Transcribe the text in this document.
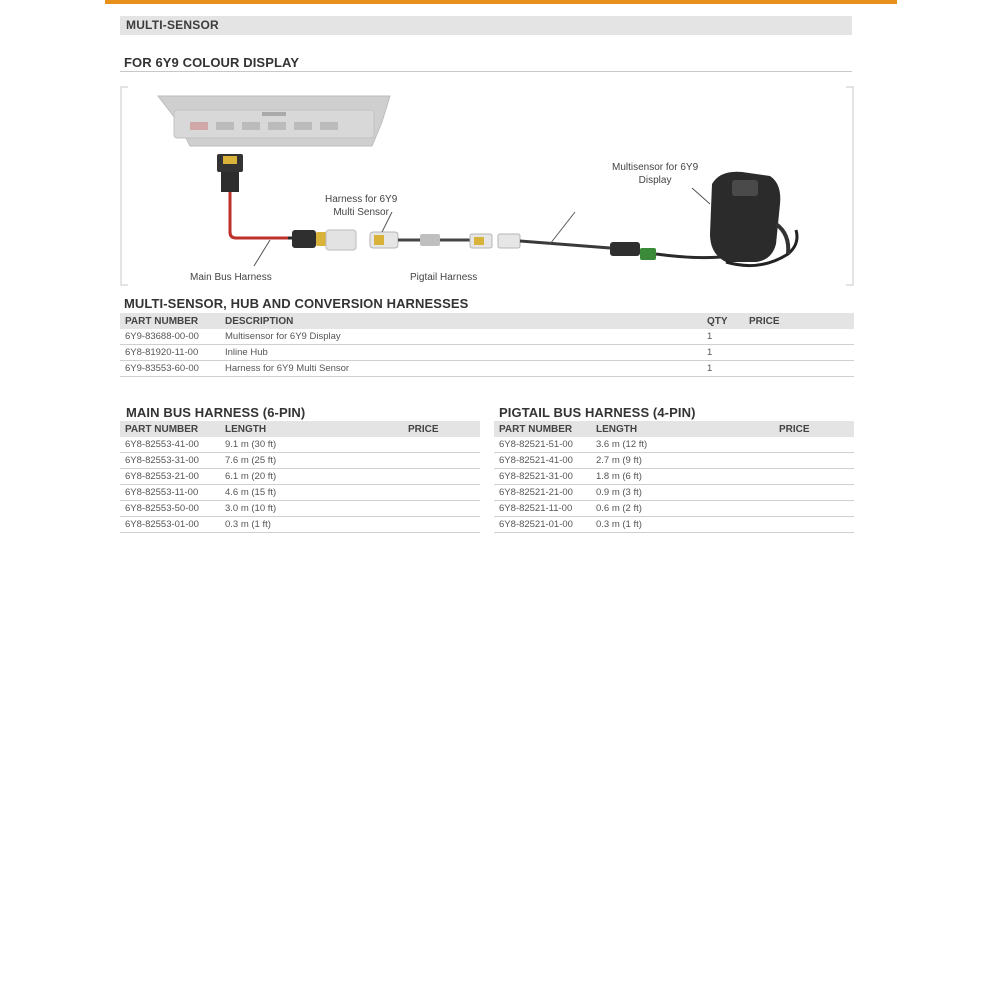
MULTI-SENSOR
FOR 6Y9 COLOUR DISPLAY
Multisensor for 6Y9
Display
Harness for 6Y9
Multi Sensor
Main Bus Harness	Pigtail Harness
MULTI-SENSOR, HUB AND CONVERSION HARNESSES
PART NUMBER	DESCRIPTION	QTY	PRICE
6Y9-83688-00-00	Multisensor for 6Y9 Display	1	
6Y8-81920-11-00	Inline Hub	1	
6Y9-83553-60-00	Harness for 6Y9 Multi Sensor	1	
MAIN BUS HARNESS (6-PIN)
PART NUMBER	LENGTH	PRICE
6Y8-82553-41-00	9.1 m (30 ft)	
6Y8-82553-31-00	7.6 m (25 ft)	
6Y8-82553-21-00	6.1 m (20 ft)	
6Y8-82553-11-00	4.6 m (15 ft)	
6Y8-82553-50-00	3.0 m (10 ft)	
6Y8-82553-01-00	0.3 m (1 ft)	
PIGTAIL BUS HARNESS (4-PIN)
PART NUMBER	LENGTH	PRICE
6Y8-82521-51-00	3.6 m (12 ft)	
6Y8-82521-41-00	2.7 m (9 ft)	
6Y8-82521-31-00	1.8 m (6 ft)	
6Y8-82521-21-00	0.9 m (3 ft)	
6Y8-82521-11-00	0.6 m (2 ft)	
6Y8-82521-01-00	0.3 m (1 ft)	
